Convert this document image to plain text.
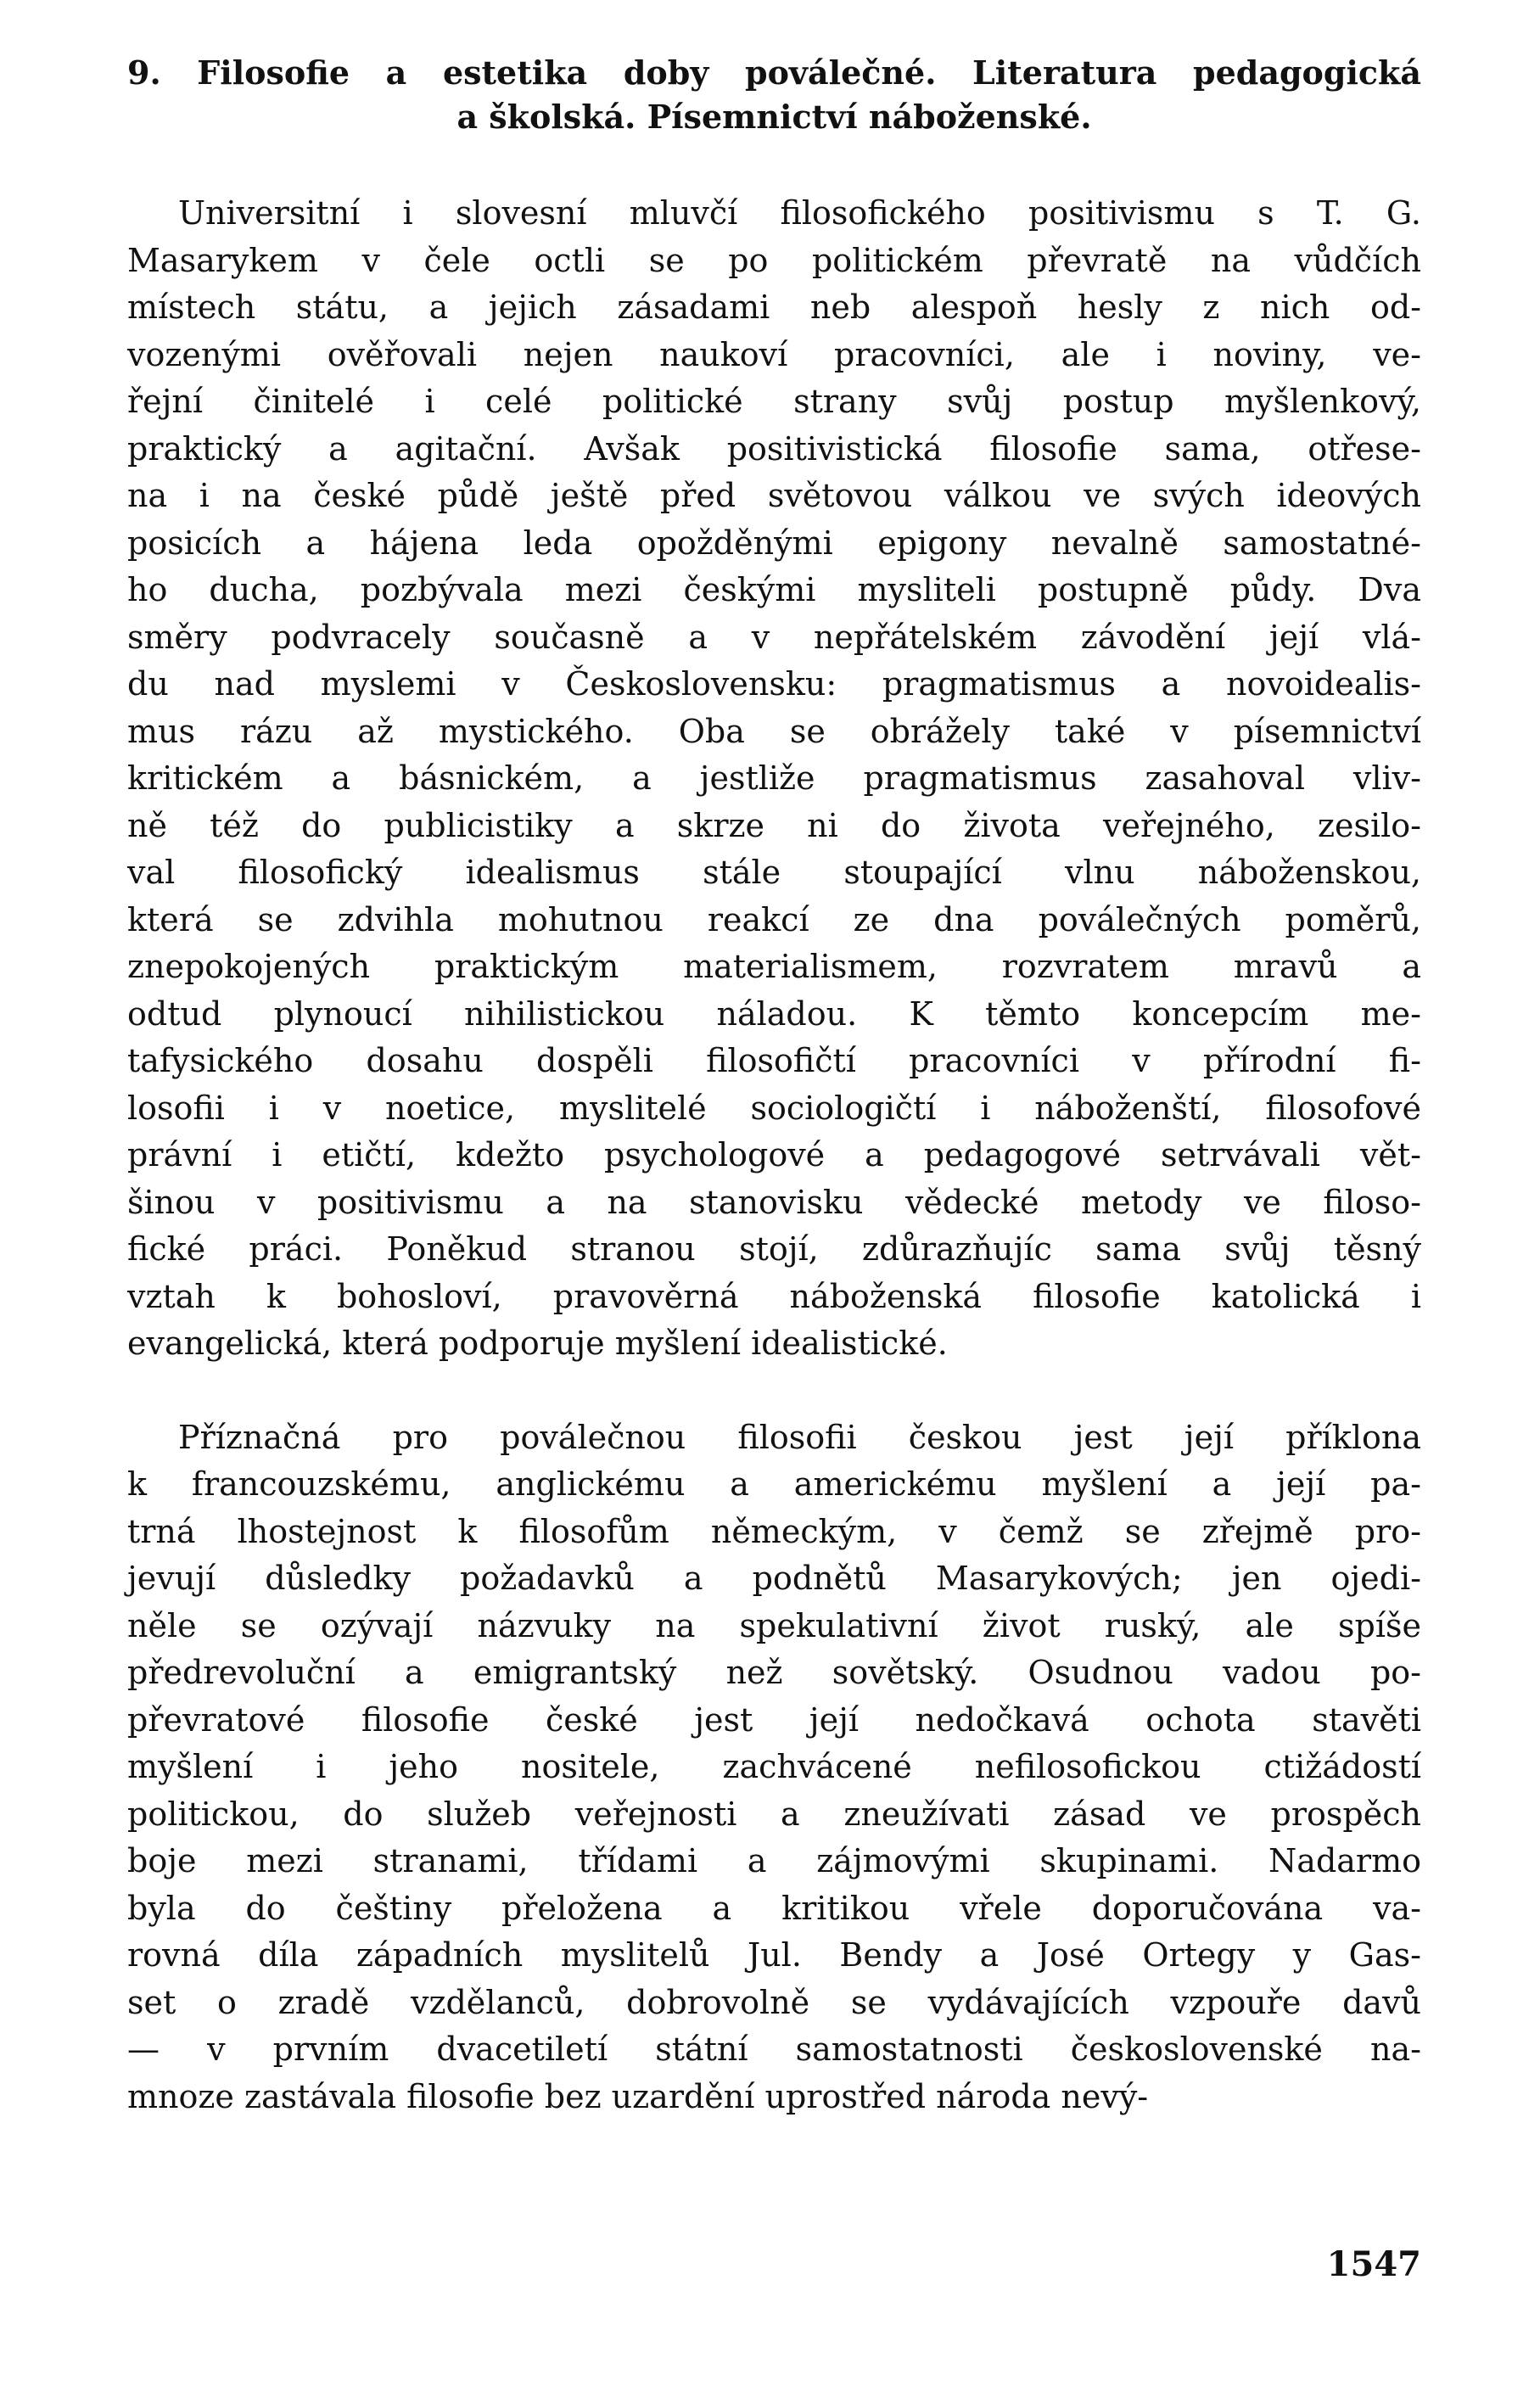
9. Filosofie a estetika doby poválečné. Literatura pedagogická
a školská. Písemnictví náboženské.

Universitní i slovesní mluvčí filosofického positivismu s T. G.
Masarykem v čele octli se po politickém převratě na vůdčích
místech státu, a jejich zásadami neb alespoň hesly z nich od-
vozenými ověřovali nejen naukoví pracovníci, ale i noviny, ve-
řejní činitelé i celé politické strany svůj postup myšlenkový,
praktický a agitační. Avšak positivistická filosofie sama, otřese-
na i na české půdě ještě před světovou válkou ve svých ideových
posicích a hájena leda opožděnými epigony nevalně samostatné-
ho ducha, pozbývala mezi českými mysliteli postupně půdy. Dva
směry podvracely současně a v nepřátelském závodění její vlá-
du nad myslemi v Československu: pragmatismus a novoidealis-
mus rázu až mystického. Oba se obrážely také v písemnictví
kritickém a básnickém, a jestliže pragmatismus zasahoval vliv-
ně též do publicistiky a skrze ni do života veřejného, zesilo-
val filosofický idealismus stále stoupající vlnu náboženskou,
která se zdvihla mohutnou reakcí ze dna poválečných poměrů,
znepokojených praktickým materialismem, rozvratem mravů a
odtud plynoucí nihilistickou náladou. K těmto koncepcím me-
tafysického dosahu dospěli filosofičtí pracovníci v přírodní fi-
losofii i v noetice, myslitelé sociologičtí i náboženští, filosofové
právní i etičtí, kdežto psychologové a pedagogové setrvávali vět-
šinou v positivismu a na stanovisku vědecké metody ve filoso-
fické práci. Poněkud stranou stojí, zdůrazňujíc sama svůj těsný
vztah k bohosloví, pravověrná náboženská filosofie katolická i
evangelická, která podporuje myšlení idealistické.

Příznačná pro poválečnou filosofii českou jest její příklona
k francouzskému, anglickému a americkému myšlení a její pa-
trná lhostejnost k filosofům německým, v čemž se zřejmě pro-
jevují důsledky požadavků a podnětů Masarykových; jen ojedi-
něle se ozývají názvuky na spekulativní život ruský, ale spíše
předrevoluční a emigrantský než sovětský. Osudnou vadou po-
převratové filosofie české jest její nedočkavá ochota stavěti
myšlení i jeho nositele, zachvácené nefilosofickou ctižádostí
politickou, do služeb veřejnosti a zneužívati zásad ve prospěch
boje mezi stranami, třídami a zájmovými skupinami. Nadarmo
byla do češtiny přeložena a kritikou vřele doporučována va-
rovná díla západních myslitelů Jul. Bendy a José Ortegy y Gas-
set o zradě vzdělanců, dobrovolně se vydávajících vzpouře davů
— v prvním dvacetiletí státní samostatnosti československé na-
mnoze zastávala filosofie bez uzardění uprostřed národa nevý-

1547
